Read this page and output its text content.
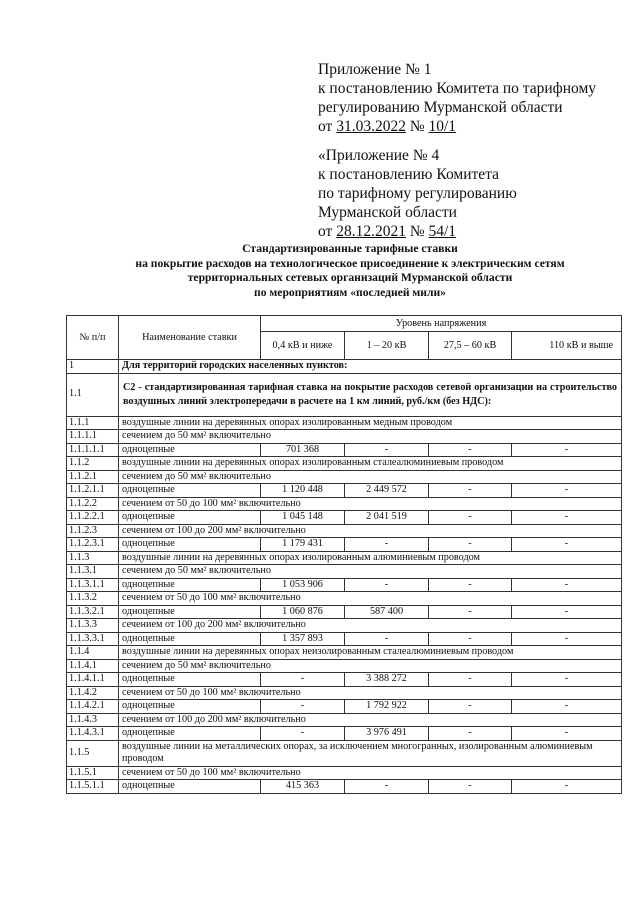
Приложение № 1
к постановлению Комитета по тарифному
регулированию Мурманской области
от 31.03.2022 № 10/1
«Приложение № 4
к постановлению Комитета
по тарифному регулированию
Мурманской области
от 28.12.2021 № 54/1
Стандартизированные тарифные ставки
на покрытие расходов на технологическое присоединение к электрическим сетям
территориальных сетевых организаций Мурманской области
по мероприятиям «последней мили»
№ п/п	Наименование ставки	Уровень напряжения			
		0,4 кВ и ниже	1 – 20 кВ	27,5 – 60 кВ	110 кВ и выше
1	Для территорий городских населенных пунктов:				
1.1	С2 - стандартизированная тарифная ставка на покрытие расходов сетевой организации на строительство воздушных линий электропередачи в расчете на 1 км линий, руб./км (без НДС):				
1.1.1	воздушные линии на деревянных опорах изолированным медным проводом				
1.1.1.1	сечением до 50 мм² включительно				
1.1.1.1.1	одноцепные	701 368	-	-	-
1.1.2	воздушные линии на деревянных опорах изолированным сталеалюминиевым проводом				
1.1.2.1	сечением до 50 мм² включительно				
1.1.2.1.1	одноцепные	1 120 448	2 449 572	-	-
1.1.2.2	сечением от 50 до 100 мм² включительно				
1.1.2.2.1	одноцепные	1 045 148	2 041 519	-	-
1.1.2.3	сечением от 100 до 200 мм² включительно				
1.1.2.3.1	одноцепные	1 179 431	-	-	-
1.1.3	воздушные линии на деревянных опорах изолированным алюминиевым проводом				
1.1.3.1	сечением до 50 мм² включительно				
1.1.3.1.1	одноцепные	1 053 906	-	-	-
1.1.3.2	сечением от 50 до 100 мм² включительно				
1.1.3.2.1	одноцепные	1 060 876	587 400	-	-
1.1.3.3	сечением от 100 до 200 мм² включительно				
1.1.3.3.1	одноцепные	1 357 893	-	-	-
1.1.4	воздушные линии на деревянных опорах неизолированным сталеалюминиевым проводом				
1.1.4.1	сечением до 50 мм² включительно				
1.1.4.1.1	одноцепные	-	3 388 272	-	-
1.1.4.2	сечением от 50 до 100 мм² включительно				
1.1.4.2.1	одноцепные	-	1 792 922	-	-
1.1.4.3	сечением от 100 до 200 мм² включительно				
1.1.4.3.1	одноцепные	-	3 976 491	-	-
1.1.5	воздушные линии на металлических опорах, за исключением многогранных, изолированным алюминиевым проводом				
1.1.5.1	сечением от 50 до 100 мм² включительно				
1.1.5.1.1	одноцепные	415 363	-	-	-
